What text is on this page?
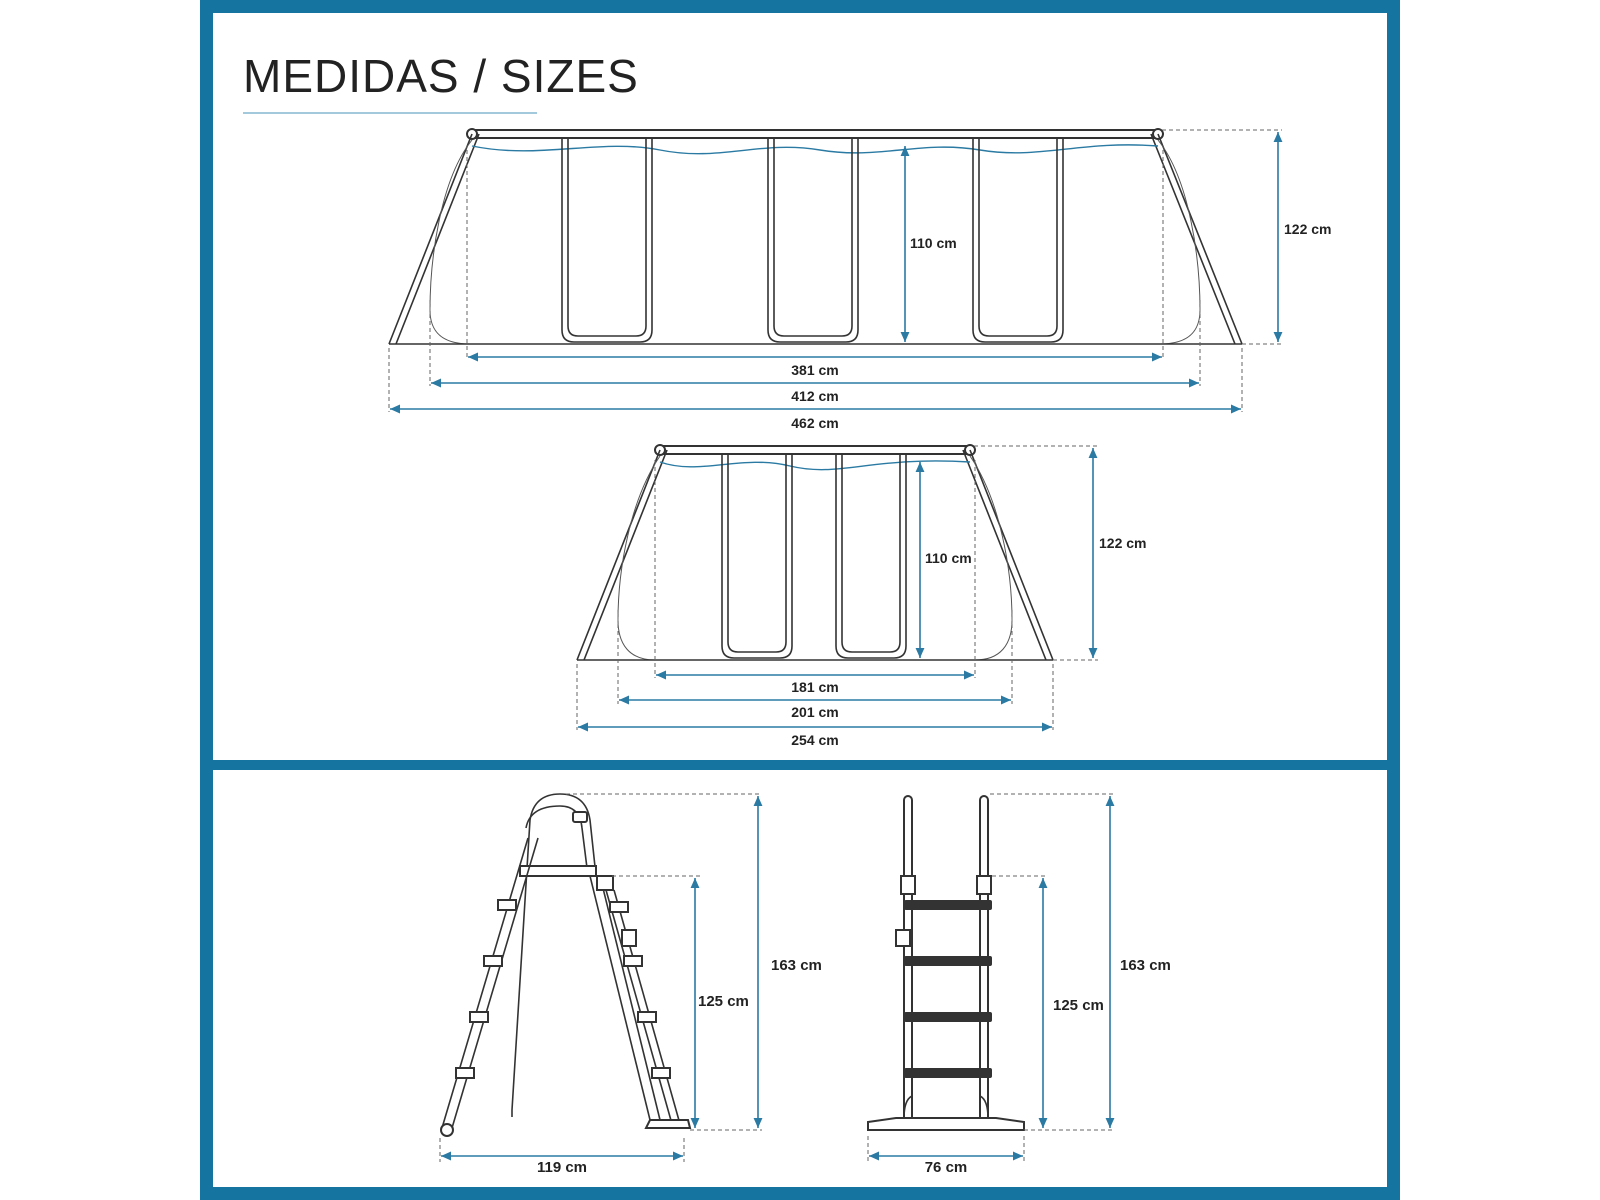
MEDIDAS / SIZES
110 cm
122 cm
381 cm
412 cm
462 cm
110 cm
122 cm
181 cm
201 cm
254 cm
125 cm
163 cm
119 cm
125 cm
163 cm
76 cm
